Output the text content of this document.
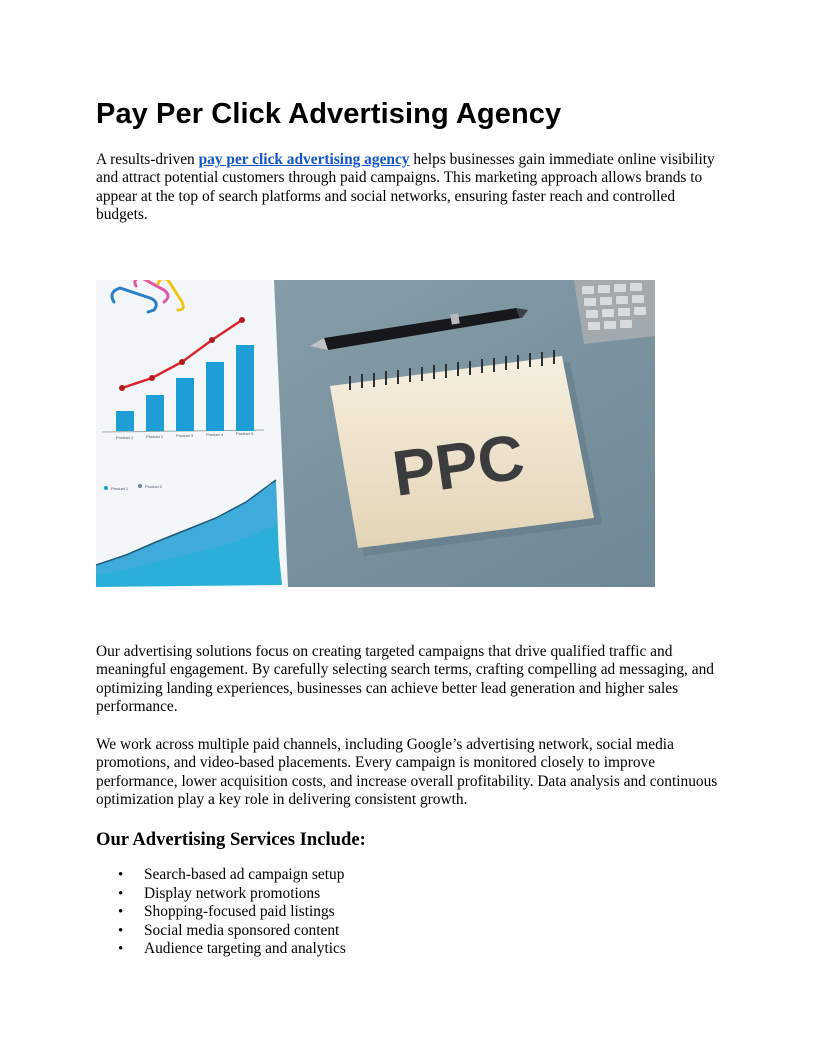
Pay Per Click Advertising Agency

A results-driven pay per click advertising agency helps businesses gain immediate online visibility and attract potential customers through paid campaigns. This marketing approach allows brands to appear at the top of search platforms and social networks, ensuring faster reach and controlled budgets.

Product 1	Product 2	Product 3	Product 4	Product 5
Product 1	Product 2	PPC

Our advertising solutions focus on creating targeted campaigns that drive qualified traffic and meaningful engagement. By carefully selecting search terms, crafting compelling ad messaging, and optimizing landing experiences, businesses can achieve better lead generation and higher sales performance.

We work across multiple paid channels, including Google’s advertising network, social media promotions, and video-based placements. Every campaign is monitored closely to improve performance, lower acquisition costs, and increase overall profitability. Data analysis and continuous optimization play a key role in delivering consistent growth.

Our Advertising Services Include:
• Search-based ad campaign setup
• Display network promotions
• Shopping-focused paid listings
• Social media sponsored content
• Audience targeting and analytics
